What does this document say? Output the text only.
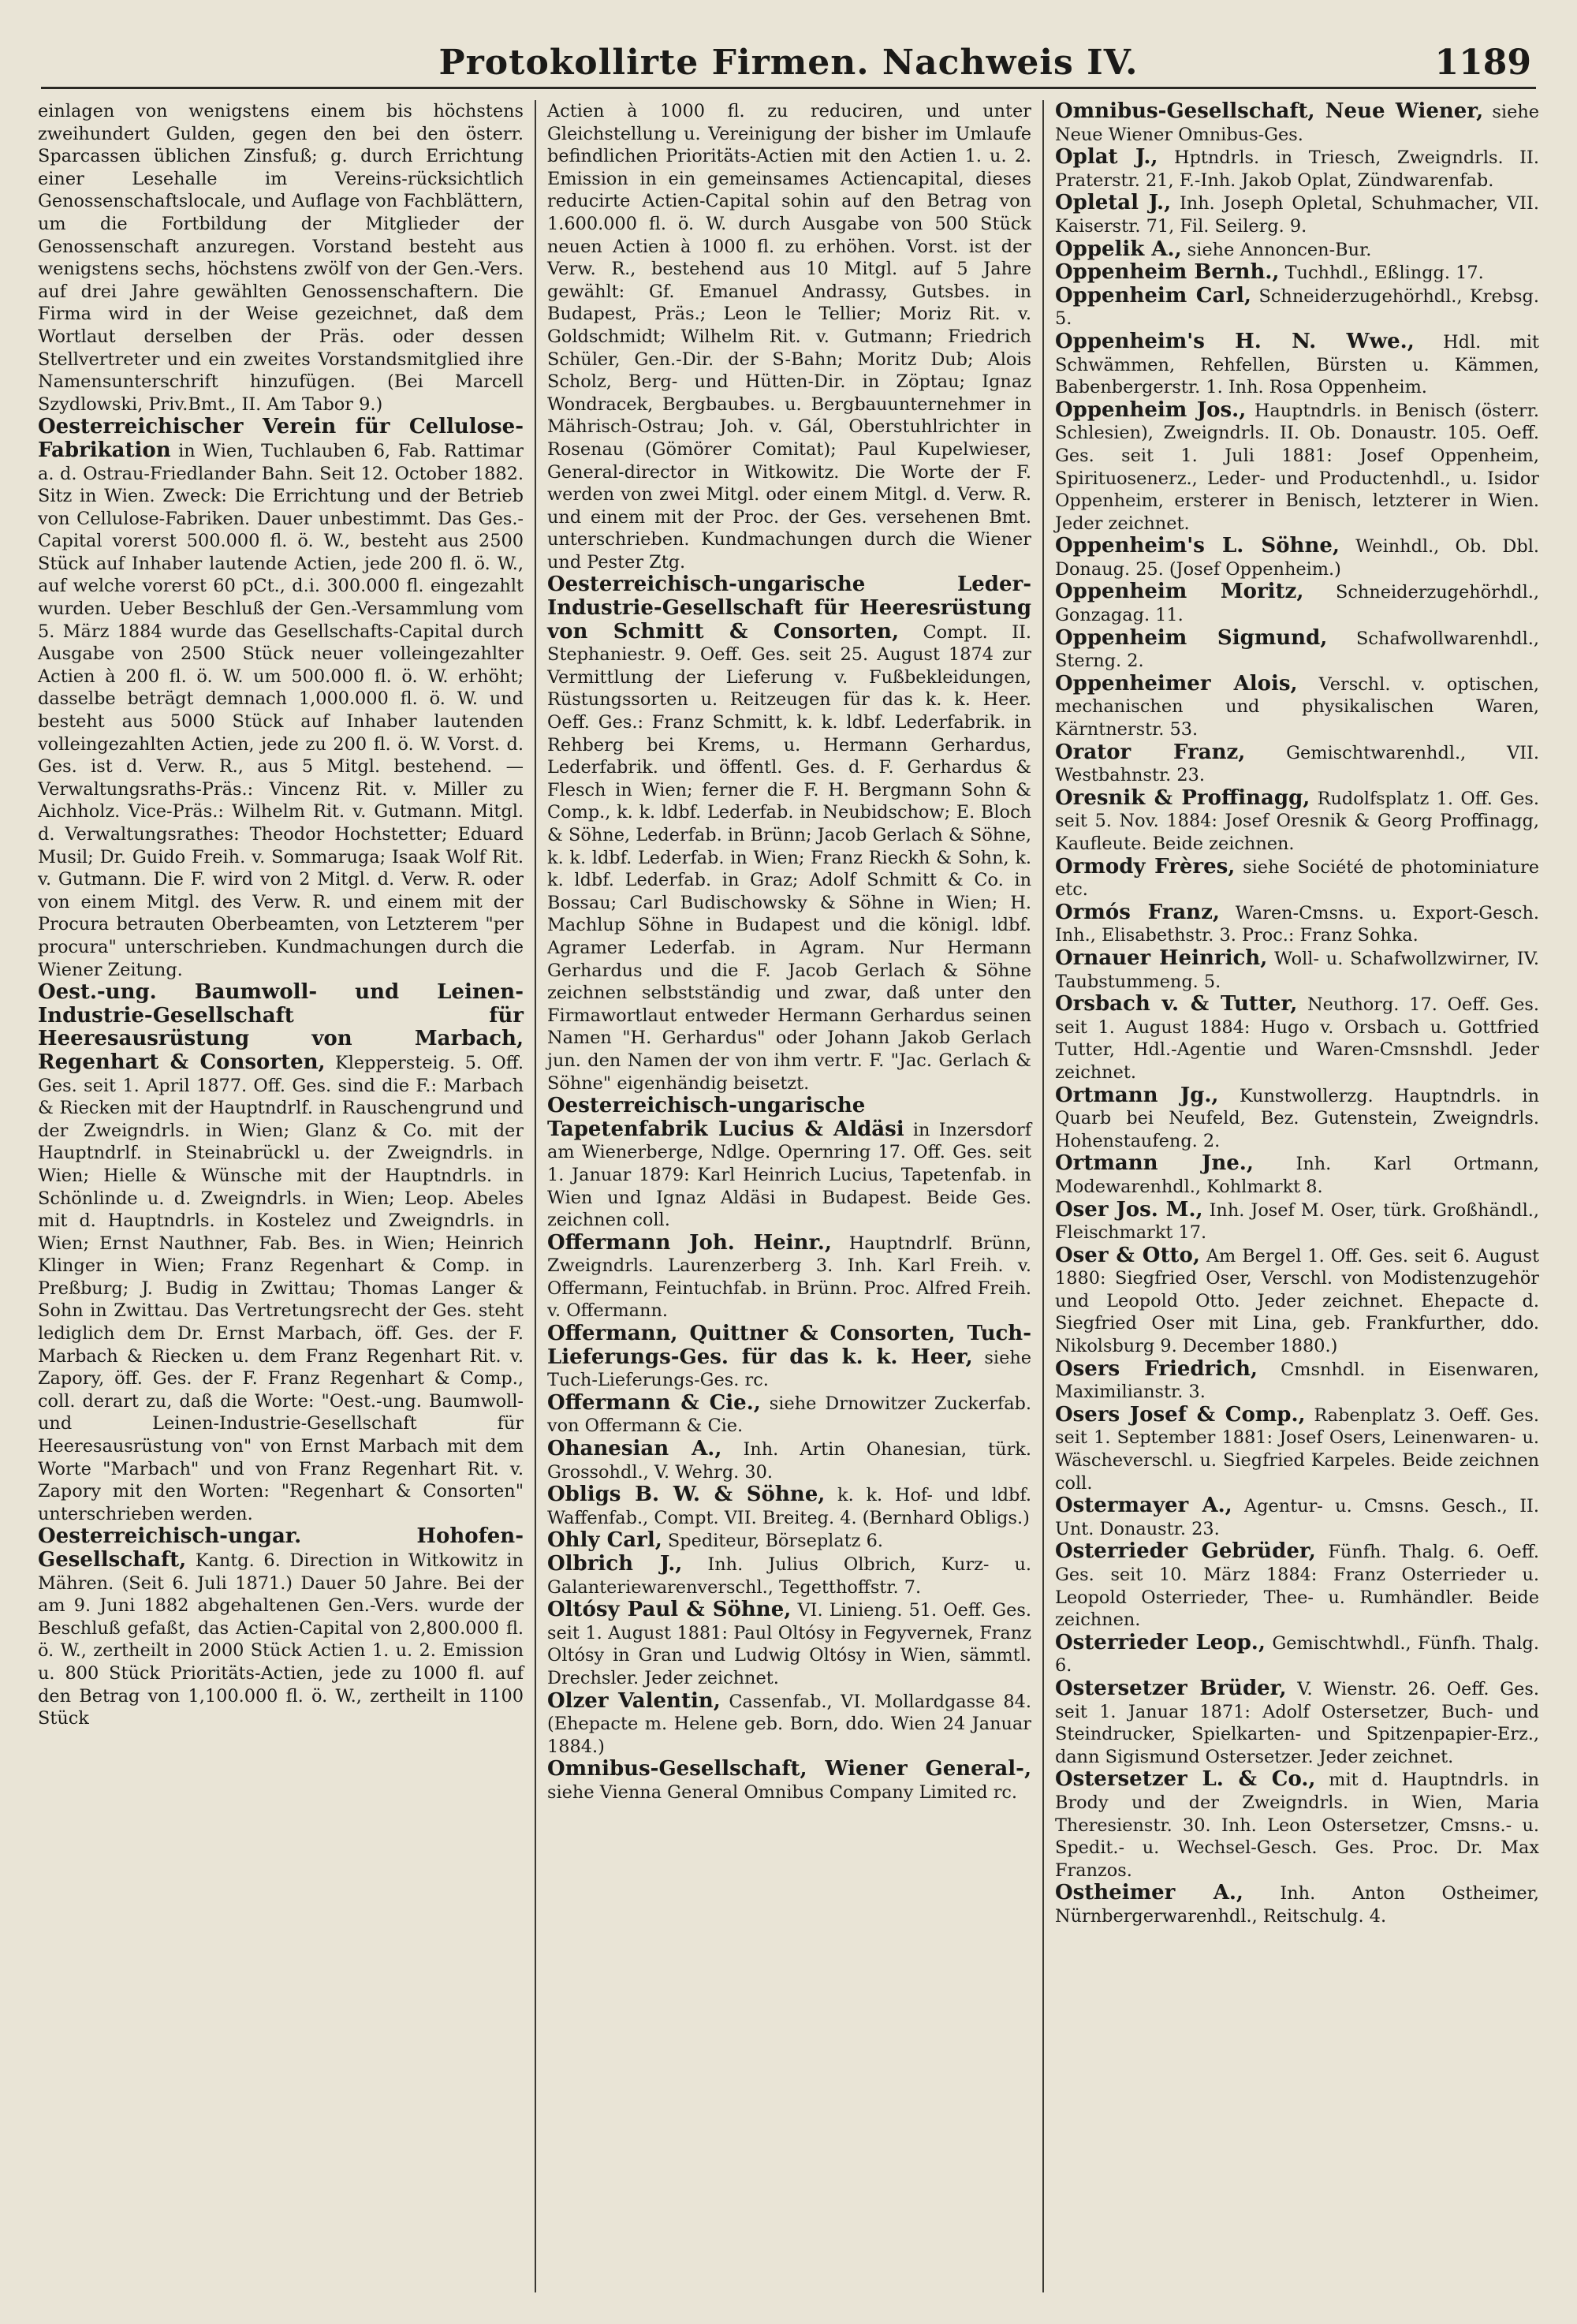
Protokollirte Firmen. Nachweis IV.	1189

einlagen von wenigstens einem bis höchstens zweihundert Gulden, gegen den bei den österr. Sparcassen üblichen Zinsfuß; g. durch Errichtung einer Lesehalle im Vereins-rücksichtlich Genossenschaftslocale, und Auflage von Fachblättern, um die Fortbildung der Mitglieder der Genossenschaft anzuregen. Vorstand besteht aus wenigstens sechs, höchstens zwölf von der Gen.-Vers. auf drei Jahre gewählten Genossenschaftern. Die Firma wird in der Weise gezeichnet, daß dem Wortlaut derselben der Präs. oder dessen Stellvertreter und ein zweites Vorstandsmitglied ihre Namensunterschrift hinzufügen. (Bei Marcell Szydlowski, Priv.Bmt., II. Am Tabor 9.)

Oesterreichischer Verein für Cellulose-Fabrikation in Wien, Tuchlauben 6, Fab. Rattimar a. d. Ostrau-Friedlander Bahn. Seit 12. October 1882. Sitz in Wien. Zweck: Die Errichtung und der Betrieb von Cellulose-Fabriken. Dauer unbestimmt. Das Ges.-Capital vorerst 500.000 fl. ö. W., besteht aus 2500 Stück auf Inhaber lautende Actien, jede 200 fl. ö. W., auf welche vorerst 60 pCt., d.i. 300.000 fl. eingezahlt wurden. Ueber Beschluß der Gen.-Versammlung vom 5. März 1884 wurde das Gesellschafts-Capital durch Ausgabe von 2500 Stück neuer volleingezahlter Actien à 200 fl. ö. W. um 500.000 fl. ö. W. erhöht; dasselbe beträgt demnach 1,000.000 fl. ö. W. und besteht aus 5000 Stück auf Inhaber lautenden volleingezahlten Actien, jede zu 200 fl. ö. W. Vorst. d. Ges. ist d. Verw. R., aus 5 Mitgl. bestehend. — Verwaltungsraths-Präs.: Vincenz Rit. v. Miller zu Aichholz. Vice-Präs.: Wilhelm Rit. v. Gutmann. Mitgl. d. Verwaltungsrathes: Theodor Hochstetter; Eduard Musil; Dr. Guido Freih. v. Sommaruga; Isaak Wolf Rit. v. Gutmann. Die F. wird von 2 Mitgl. d. Verw. R. oder von einem Mitgl. des Verw. R. und einem mit der Procura betrauten Oberbeamten, von Letzterem "per procura" unterschrieben. Kundmachungen durch die Wiener Zeitung.

Oest.-ung. Baumwoll- und Leinen-Industrie-Gesellschaft für Heeresausrüstung von Marbach, Regenhart & Consorten, Kleppersteig. 5. Off. Ges. seit 1. April 1877. Off. Ges. sind die F.: Marbach & Riecken mit der Hauptndrlf. in Rauschengrund und der Zweigndrls. in Wien; Glanz & Co. mit der Hauptndrlf. in Steinabrückl u. der Zweigndrls. in Wien; Hielle & Wünsche mit der Hauptndrls. in Schönlinde u. d. Zweigndrls. in Wien; Leop. Abeles mit d. Hauptndrls. in Kostelez und Zweigndrls. in Wien; Ernst Nauthner, Fab. Bes. in Wien; Heinrich Klinger in Wien; Franz Regenhart & Comp. in Preßburg; J. Budig in Zwittau; Thomas Langer & Sohn in Zwittau. Das Vertretungsrecht der Ges. steht lediglich dem Dr. Ernst Marbach, öff. Ges. der F. Marbach & Riecken u. dem Franz Regenhart Rit. v. Zapory, öff. Ges. der F. Franz Regenhart & Comp., coll. derart zu, daß die Worte: "Oest.-ung. Baumwoll- und Leinen-Industrie-Gesellschaft für Heeresausrüstung von" von Ernst Marbach mit dem Worte "Marbach" und von Franz Regenhart Rit. v. Zapory mit den Worten: "Regenhart & Consorten" unterschrieben werden.

Oesterreichisch-ungar. Hohofen-Gesellschaft, Kantg. 6. Direction in Witkowitz in Mähren. (Seit 6. Juli 1871.) Dauer 50 Jahre. Bei der am 9. Juni 1882 abgehaltenen Gen.-Vers. wurde der Beschluß gefaßt, das Actien-Capital von 2,800.000 fl. ö. W., zertheilt in 2000 Stück Actien 1. u. 2. Emission u. 800 Stück Prioritäts-Actien, jede zu 1000 fl. auf den Betrag von 1,100.000 fl. ö. W., zertheilt in 1100 Stück

Actien à 1000 fl. zu reduciren, und unter Gleichstellung u. Vereinigung der bisher im Umlaufe befindlichen Prioritäts-Actien mit den Actien 1. u. 2. Emission in ein gemeinsames Actiencapital, dieses reducirte Actien-Capital sohin auf den Betrag von 1.600.000 fl. ö. W. durch Ausgabe von 500 Stück neuen Actien à 1000 fl. zu erhöhen. Vorst. ist der Verw. R., bestehend aus 10 Mitgl. auf 5 Jahre gewählt: Gf. Emanuel Andrassy, Gutsbes. in Budapest, Präs.; Leon le Tellier; Moriz Rit. v. Goldschmidt; Wilhelm Rit. v. Gutmann; Friedrich Schüler, Gen.-Dir. der S-Bahn; Moritz Dub; Alois Scholz, Berg- und Hütten-Dir. in Zöptau; Ignaz Wondracek, Bergbaubes. u. Bergbauunternehmer in Mährisch-Ostrau; Joh. v. Gál, Oberstuhlrichter in Rosenau (Gömörer Comitat); Paul Kupelwieser, General-director in Witkowitz. Die Worte der F. werden von zwei Mitgl. oder einem Mitgl. d. Verw. R. und einem mit der Proc. der Ges. versehenen Bmt. unterschrieben. Kundmachungen durch die Wiener und Pester Ztg.

Oesterreichisch-ungarische Leder-Industrie-Gesellschaft für Heeresrüstung von Schmitt & Consorten, Compt. II. Stephaniestr. 9. Oeff. Ges. seit 25. August 1874 zur Vermittlung der Lieferung v. Fußbekleidungen, Rüstungssorten u. Reitzeugen für das k. k. Heer. Oeff. Ges.: Franz Schmitt, k. k. ldbf. Lederfabrik. in Rehberg bei Krems, u. Hermann Gerhardus, Lederfabrik. und öffentl. Ges. d. F. Gerhardus & Flesch in Wien; ferner die F. H. Bergmann Sohn & Comp., k. k. ldbf. Lederfab. in Neubidschow; E. Bloch & Söhne, Lederfab. in Brünn; Jacob Gerlach & Söhne, k. k. ldbf. Lederfab. in Wien; Franz Rieckh & Sohn, k. k. ldbf. Lederfab. in Graz; Adolf Schmitt & Co. in Bossau; Carl Budischowsky & Söhne in Wien; H. Machlup Söhne in Budapest und die königl. ldbf. Agramer Lederfab. in Agram. Nur Hermann Gerhardus und die F. Jacob Gerlach & Söhne zeichnen selbstständig und zwar, daß unter den Firmawortlaut entweder Hermann Gerhardus seinen Namen "H. Gerhardus" oder Johann Jakob Gerlach jun. den Namen der von ihm vertr. F. "Jac. Gerlach & Söhne" eigenhändig beisetzt.

Oesterreichisch-ungarische Tapetenfabrik Lucius & Aldäsi in Inzersdorf am Wienerberge, Ndlge. Opernring 17. Off. Ges. seit 1. Januar 1879: Karl Heinrich Lucius, Tapetenfab. in Wien und Ignaz Aldäsi in Budapest. Beide Ges. zeichnen coll.

Offermann Joh. Heinr., Hauptndrlf. Brünn, Zweigndrls. Laurenzerberg 3. Inh. Karl Freih. v. Offermann, Feintuchfab. in Brünn. Proc. Alfred Freih. v. Offermann.

Offermann, Quittner & Consorten, Tuch-Lieferungs-Ges. für das k. k. Heer, siehe Tuch-Lieferungs-Ges. rc.

Offermann & Cie., siehe Drnowitzer Zuckerfab. von Offermann & Cie.

Ohanesian A., Inh. Artin Ohanesian, türk. Grossohdl., V. Wehrg. 30.

Obligs B. W. & Söhne, k. k. Hof- und ldbf. Waffenfab., Compt. VII. Breiteg. 4. (Bernhard Obligs.)

Ohly Carl, Spediteur, Börseplatz 6.

Olbrich J., Inh. Julius Olbrich, Kurz- u. Galanteriewarenverschl., Tegetthoffstr. 7.

Oltósy Paul & Söhne, VI. Linieng. 51. Oeff. Ges. seit 1. August 1881: Paul Oltósy in Fegyvernek, Franz Oltósy in Gran und Ludwig Oltósy in Wien, sämmtl. Drechsler. Jeder zeichnet.

Olzer Valentin, Cassenfab., VI. Mollardgasse 84. (Ehepacte m. Helene geb. Born, ddo. Wien 24 Januar 1884.)

Omnibus-Gesellschaft, Wiener General-, siehe Vienna General Omnibus Company Limited rc.

Omnibus-Gesellschaft, Neue Wiener, siehe Neue Wiener Omnibus-Ges.

Oplat J., Hptndrls. in Triesch, Zweigndrls. II. Praterstr. 21, F.-Inh. Jakob Oplat, Zündwarenfab.

Opletal J., Inh. Joseph Opletal, Schuhmacher, VII. Kaiserstr. 71, Fil. Seilerg. 9.

Oppelik A., siehe Annoncen-Bur.

Oppenheim Bernh., Tuchhdl., Eßlingg. 17.

Oppenheim Carl, Schneiderzugehörhdl., Krebsg. 5.

Oppenheim's H. N. Wwe., Hdl. mit Schwämmen, Rehfellen, Bürsten u. Kämmen, Babenbergerstr. 1. Inh. Rosa Oppenheim.

Oppenheim Jos., Hauptndrls. in Benisch (österr. Schlesien), Zweigndrls. II. Ob. Donaustr. 105. Oeff. Ges. seit 1. Juli 1881: Josef Oppenheim, Spirituosenerz., Leder- und Productenhdl., u. Isidor Oppenheim, ersterer in Benisch, letzterer in Wien. Jeder zeichnet.

Oppenheim's L. Söhne, Weinhdl., Ob. Dbl. Donaug. 25. (Josef Oppenheim.)

Oppenheim Moritz, Schneiderzugehörhdl., Gonzagag. 11.

Oppenheim Sigmund, Schafwollwarenhdl., Sterng. 2.

Oppenheimer Alois, Verschl. v. optischen, mechanischen und physikalischen Waren, Kärntnerstr. 53.

Orator Franz, Gemischtwarenhdl., VII. Westbahnstr. 23.

Oresnik & Proffinagg, Rudolfsplatz 1. Off. Ges. seit 5. Nov. 1884: Josef Oresnik & Georg Proffinagg, Kaufleute. Beide zeichnen.

Ormody Frères, siehe Société de photominiature etc.

Ormós Franz, Waren-Cmsns. u. Export-Gesch. Inh., Elisabethstr. 3. Proc.: Franz Sohka.

Ornauer Heinrich, Woll- u. Schafwollzwirner, IV. Taubstummeng. 5.

Orsbach v. & Tutter, Neuthorg. 17. Oeff. Ges. seit 1. August 1884: Hugo v. Orsbach u. Gottfried Tutter, Hdl.-Agentie und Waren-Cmsnshdl. Jeder zeichnet.

Ortmann Jg., Kunstwollerzg. Hauptndrls. in Quarb bei Neufeld, Bez. Gutenstein, Zweigndrls. Hohenstaufeng. 2.

Ortmann Jne., Inh. Karl Ortmann, Modewarenhdl., Kohlmarkt 8.

Oser Jos. M., Inh. Josef M. Oser, türk. Großhändl., Fleischmarkt 17.

Oser & Otto, Am Bergel 1. Off. Ges. seit 6. August 1880: Siegfried Oser, Verschl. von Modistenzugehör und Leopold Otto. Jeder zeichnet. Ehepacte d. Siegfried Oser mit Lina, geb. Frankfurther, ddo. Nikolsburg 9. December 1880.)

Osers Friedrich, Cmsnhdl. in Eisenwaren, Maximilianstr. 3.

Osers Josef & Comp., Rabenplatz 3. Oeff. Ges. seit 1. September 1881: Josef Osers, Leinenwaren- u. Wäscheverschl. u. Siegfried Karpeles. Beide zeichnen coll.

Ostermayer A., Agentur- u. Cmsns. Gesch., II. Unt. Donaustr. 23.

Osterrieder Gebrüder, Fünfh. Thalg. 6. Oeff. Ges. seit 10. März 1884: Franz Osterrieder u. Leopold Osterrieder, Thee- u. Rumhändler. Beide zeichnen.

Osterrieder Leop., Gemischtwhdl., Fünfh. Thalg. 6.

Ostersetzer Brüder, V. Wienstr. 26. Oeff. Ges. seit 1. Januar 1871: Adolf Ostersetzer, Buch- und Steindrucker, Spielkarten- und Spitzenpapier-Erz., dann Sigismund Ostersetzer. Jeder zeichnet.

Ostersetzer L. & Co., mit d. Hauptndrls. in Brody und der Zweigndrls. in Wien, Maria Theresienstr. 30. Inh. Leon Ostersetzer, Cmsns.- u. Spedit.- u. Wechsel-Gesch. Ges. Proc. Dr. Max Franzos.

Ostheimer A., Inh. Anton Ostheimer, Nürnbergerwarenhdl., Reitschulg. 4.
